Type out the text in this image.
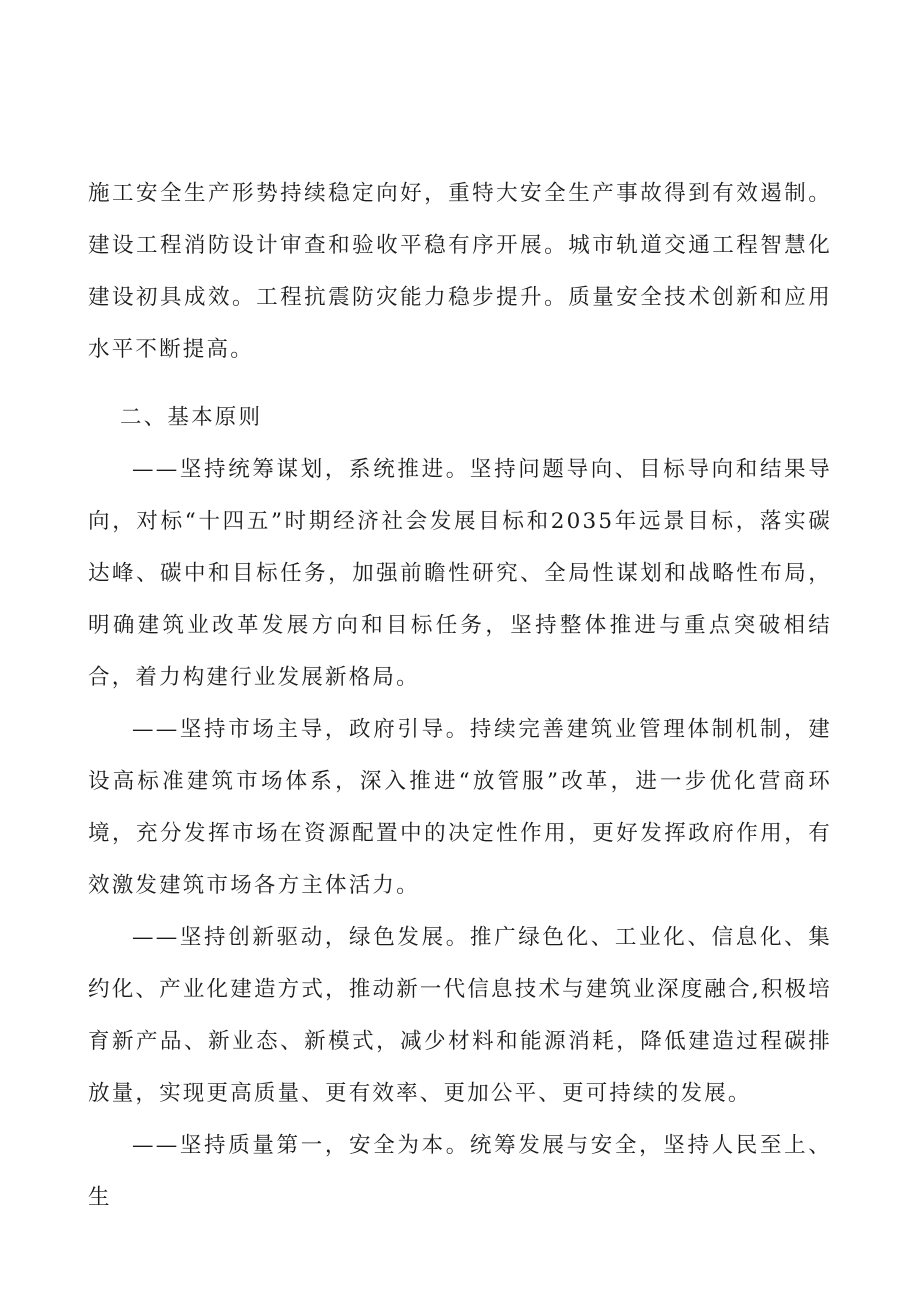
施工安全生产形势持续稳定向好，重特大安全生产事故得到有效遏制。建设工程消防设计审查和验收平稳有序开展。城市轨道交通工程智慧化建设初具成效。工程抗震防灾能力稳步提升。质量安全技术创新和应用水平不断提高。

二、基本原则

——坚持统筹谋划，系统推进。坚持问题导向、目标导向和结果导向，对标“十四五”时期经济社会发展目标和2035年远景目标，落实碳达峰、碳中和目标任务，加强前瞻性研究、全局性谋划和战略性布局，明确建筑业改革发展方向和目标任务，坚持整体推进与重点突破相结合，着力构建行业发展新格局。

——坚持市场主导，政府引导。持续完善建筑业管理体制机制，建设高标准建筑市场体系，深入推进“放管服”改革，进一步优化营商环境，充分发挥市场在资源配置中的决定性作用，更好发挥政府作用，有效激发建筑市场各方主体活力。

——坚持创新驱动，绿色发展。推广绿色化、工业化、信息化、集约化、产业化建造方式，推动新一代信息技术与建筑业深度融合,积极培育新产品、新业态、新模式，减少材料和能源消耗，降低建造过程碳排放量，实现更高质量、更有效率、更加公平、更可持续的发展。

——坚持质量第一，安全为本。统筹发展与安全，坚持人民至上、生
